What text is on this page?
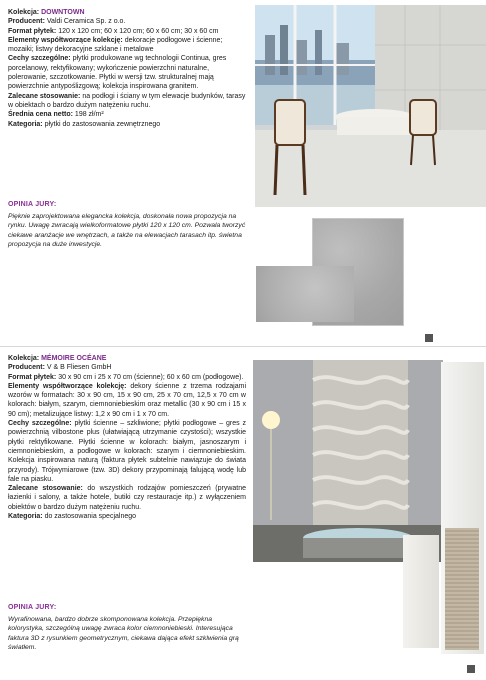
Kolekcja: DOWNTOWN

Producent: Valdi Ceramica Sp. z o.o.

Format płytek: 120 x 120 cm; 60 x 120 cm; 60 x 60 cm; 30 x 60 cm

Elementy współtworzące kolekcję: dekoracje podłogowe i ścienne; mozaiki; listwy dekoracyjne szklane i metalowe

Cechy szczególne: płytki produkowane wg technologii Continua, gres porcelanowy, rektyfikowany; wykończenie powierzchni naturalne, polerowanie, szczotkowanie. Płytki w wersji tzw. strukturalnej mają powierzchnie antypoślizgową; kolekcja inspirowana granitem.

Zalecane stosowanie: na podłogi i ściany w tym elewacje budynków, tarasy w obiektach o bardzo dużym natężeniu ruchu.

Średnia cena netto: 198 zł/m²

Kategoria: płytki do zastosowania zewnętrznego

OPINIA JURY:
Pięknie zaprojektowana elegancka kolekcja, doskonała nowa propozycja na rynku. Uwagę zwracają wielkoformatowe płytki 120 x 120 cm. Pozwala tworzyć ciekawe aranżacje we wnętrzach, a także na elewacjach tarasach itp. świetna propozycja na duże inwestycje.

Kolekcja: MÉMOIRE OCÉANE

Producent: V & B Fliesen GmbH

Format płytek: 30 x 90 cm i 25 x 70 cm (ścienne); 60 x 60 cm (podłogowe).

Elementy współtworzące kolekcję: dekory ścienne z trzema rodzajami wzorów w formatach: 30 x 90 cm, 15 x 90 cm, 25 x 70 cm, 12,5 x 70 cm w kolorach: białym, szarym, ciemnoniebieskim oraz metallic (30 x 90 cm i 15 x 90 cm); metalizujące listwy: 1,2 x 90 cm i 1 x 70 cm.

Cechy szczególne: płytki ścienne – szkliwione; płytki podłogowe – gres z powierzchnią vilbostone plus (ułatwiającą utrzymanie czystości); wszystkie płytki rektyfikowane. Płytki ścienne w kolorach: białym, jasnoszarym i ciemnoniebieskim, a podłogowe w kolorach: szarym i ciemnoniebieskim. Kolekcja inspirowana naturą (faktura płytek subtelnie nawiązuje do świata przyrody). Trójwymiarowe (tzw. 3D) dekory przypominają falującą wodę lub fale na piasku.

Zalecane stosowanie: do wszystkich rodzajów pomieszczeń (prywatne łazienki i salony, a także hotele, butiki czy restauracje itp.) z wyłączeniem obiektów o bardzo dużym natężeniu ruchu.

Kategoria: do zastosowania specjalnego

OPINIA JURY:
Wyrafinowana, bardzo dobrze skomponowana kolekcja. Przepiękna kolorystyka, szczególną uwagę zwraca kolor ciemnoniebieski. Interesująca faktura 3D z rysunkiem geometrycznym, ciekawa dająca efekt szklwienia grą światłem.
